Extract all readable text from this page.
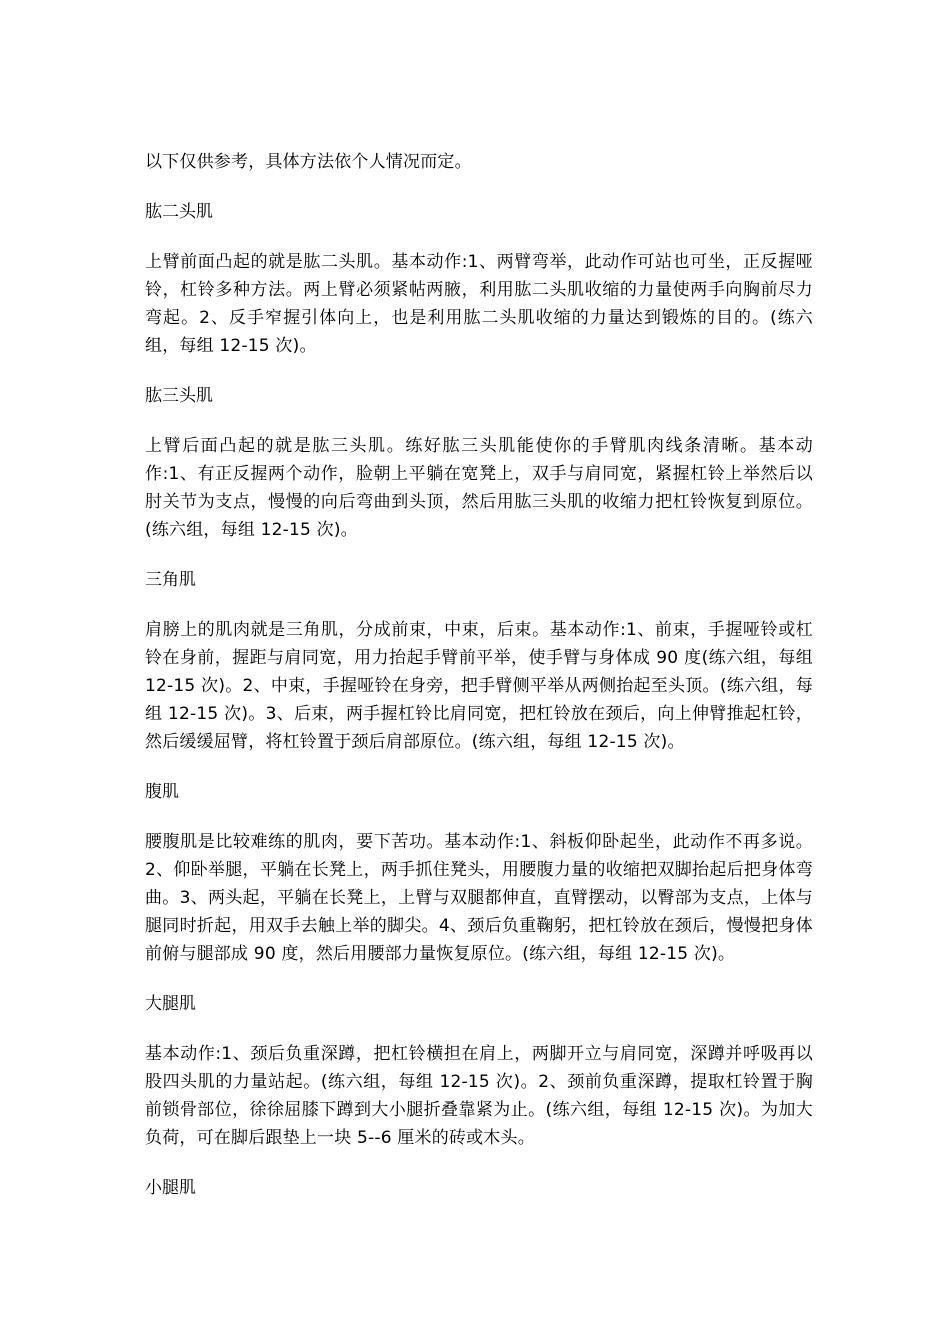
以下仅供参考，具体方法依个人情况而定。

肱二头肌

上臂前面凸起的就是肱二头肌。基本动作:1、两臂弯举，此动作可站也可坐，正反握哑铃，杠铃多种方法。两上臂必须紧帖两腋，利用肱二头肌收缩的力量使两手向胸前尽力弯起。2、反手窄握引体向上，也是利用肱二头肌收缩的力量达到锻炼的目的。(练六组，每组 12-15 次)。

肱三头肌

上臂后面凸起的就是肱三头肌。练好肱三头肌能使你的手臂肌肉线条清晰。基本动作:1、有正反握两个动作，脸朝上平躺在宽凳上，双手与肩同宽，紧握杠铃上举然后以肘关节为支点，慢慢的向后弯曲到头顶，然后用肱三头肌的收缩力把杠铃恢复到原位。(练六组，每组 12-15 次)。

三角肌

肩膀上的肌肉就是三角肌，分成前束，中束，后束。基本动作:1、前束，手握哑铃或杠铃在身前，握距与肩同宽，用力抬起手臂前平举，使手臂与身体成 90 度(练六组，每组 12-15 次)。2、中束，手握哑铃在身旁，把手臂侧平举从两侧抬起至头顶。(练六组，每组 12-15 次)。3、后束，两手握杠铃比肩同宽，把杠铃放在颈后，向上伸臂推起杠铃，然后缓缓屈臂，将杠铃置于颈后肩部原位。(练六组，每组 12-15 次)。

腹肌

腰腹肌是比较难练的肌肉，要下苦功。基本动作:1、斜板仰卧起坐，此动作不再多说。2、仰卧举腿，平躺在长凳上，两手抓住凳头，用腰腹力量的收缩把双脚抬起后把身体弯曲。3、两头起，平躺在长凳上，上臂与双腿都伸直，直臂摆动，以臀部为支点，上体与腿同时折起，用双手去触上举的脚尖。4、颈后负重鞠躬，把杠铃放在颈后，慢慢把身体前俯与腿部成 90 度，然后用腰部力量恢复原位。(练六组，每组 12-15 次)。

大腿肌

基本动作:1、颈后负重深蹲，把杠铃横担在肩上，两脚开立与肩同宽，深蹲并呼吸再以股四头肌的力量站起。(练六组，每组 12-15 次)。2、颈前负重深蹲，提取杠铃置于胸前锁骨部位，徐徐屈膝下蹲到大小腿折叠靠紧为止。(练六组，每组 12-15 次)。为加大负荷，可在脚后跟垫上一块 5--6 厘米的砖或木头。

小腿肌
